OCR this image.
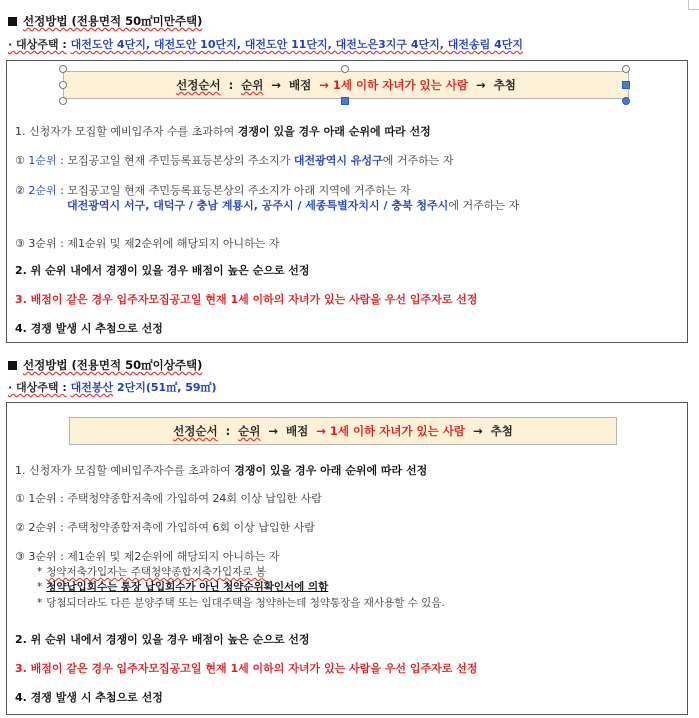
선정방법 (전용면적 50㎡미만주택)
· 대상주택 : 대전도안 4단지, 대전도안 10단지, 대전도안 11단지, 대전노은3지구 4단지, 대전송림 4단지
선정순서 : 순위 → 배점 → 1세 이하 자녀가 있는 사람 → 추첨
1. 신청자가 모집할 예비입주자 수를 초과하여 경쟁이 있을 경우 아래 순위에 따라 선정
① 1순위 : 모집공고일 현재 주민등록표등본상의 주소지가 대전광역시 유성구에 거주하는 자
② 2순위 : 모집공고일 현재 주민등록표등본상의 주소지가 아래 지역에 거주하는 자
대전광역시 서구, 대덕구 / 충남 계룡시, 공주시 / 세종특별자치시 / 충북 청주시에 거주하는 자
③ 3순위 : 제1순위 및 제2순위에 해당되지 아니하는 자
2. 위 순위 내에서 경쟁이 있을 경우 배점이 높은 순으로 선정
3. 배점이 같은 경우 입주자모집공고일 현재 1세 이하의 자녀가 있는 사람을 우선 입주자로 선정
4. 경쟁 발생 시 추첨으로 선정
선정방법 (전용면적 50㎡이상주택)
· 대상주택 : 대전봉산 2단지(51㎡, 59㎡)
선정순서 : 순위 → 배점 → 1세 이하 자녀가 있는 사람 → 추첨
1. 신청자가 모집할 예비입주자수를 초과하여 경쟁이 있을 경우 아래 순위에 따라 선정
① 1순위 : 주택청약종합저축에 가입하여 24회 이상 납입한 사람
② 2순위 : 주택청약종합저축에 가입하여 6회 이상 납입한 사람
③ 3순위 : 제1순위 및 제2순위에 해당되지 아니하는 자
* 청약저축가입자는 주택청약종합저축가입자로 봄
* 청약납입회수는 통장 납입회수가 아닌 청약순위확인서에 의함
* 당첨되더라도 다른 분양주택 또는 임대주택을 청약하는데 청약통장을 재사용할 수 있음.
2. 위 순위 내에서 경쟁이 있을 경우 배점이 높은 순으로 선정
3. 배점이 같은 경우 입주자모집공고일 현재 1세 이하의 자녀가 있는 사람을 우선 입주자로 선정
4. 경쟁 발생 시 추첨으로 선정
